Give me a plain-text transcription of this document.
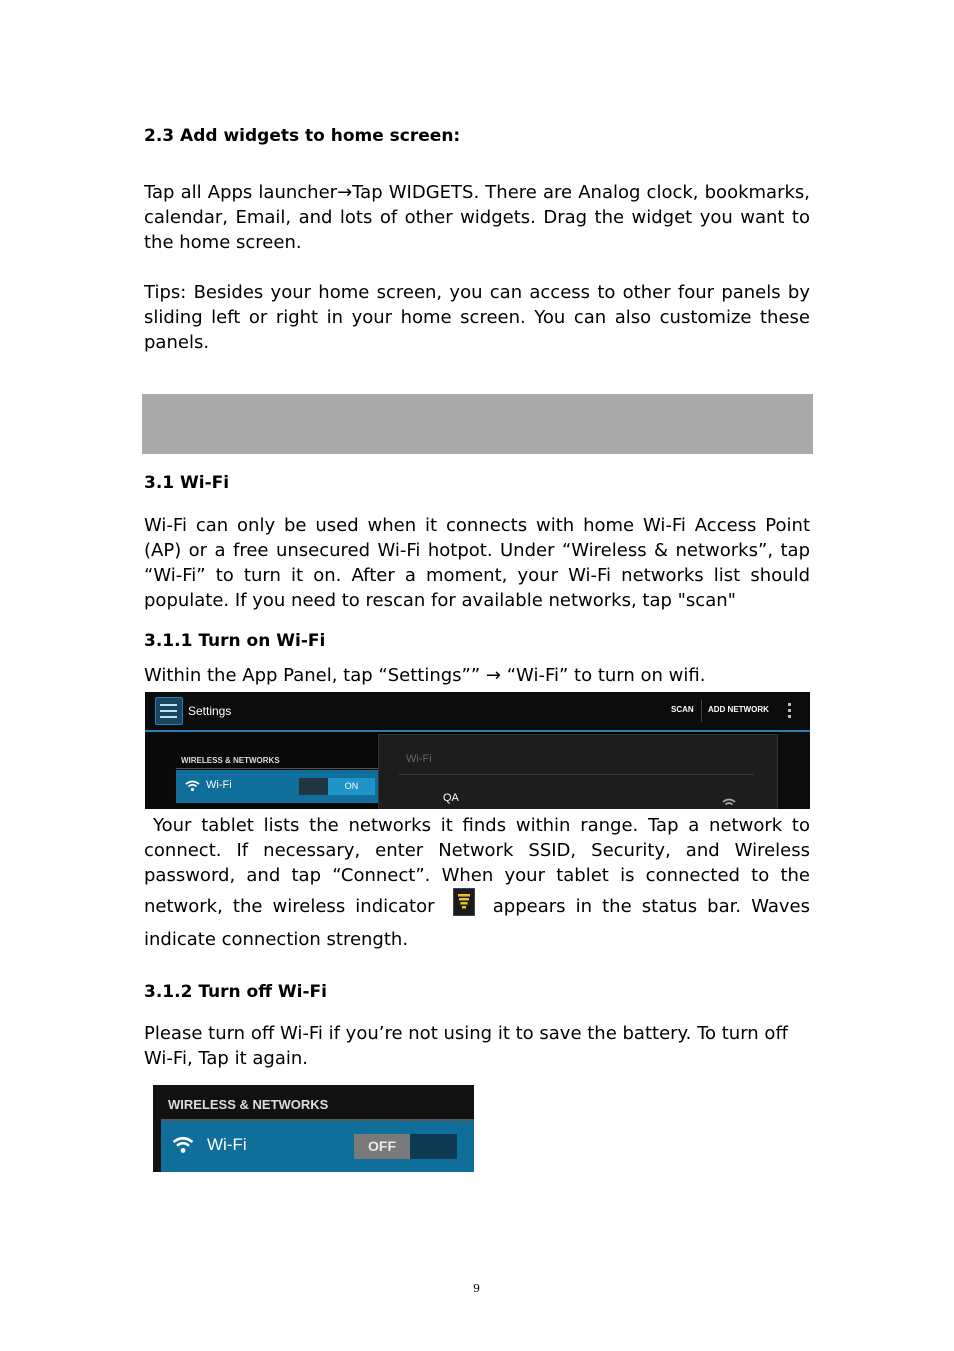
2.3 Add widgets to home screen:
Tap all Apps launcher→Tap WIDGETS. There are Analog clock, bookmarks, calendar, Email, and lots of other widgets. Drag the widget you want to the home screen.
Tips: Besides your home screen, you can access to other four panels by sliding left or right in your home screen. You can also customize these panels.
3.1 Wi-Fi
Wi-Fi can only be used when it connects with home Wi-Fi Access Point (AP) or a free unsecured Wi-Fi hotpot. Under “Wireless & networks”, tap “Wi-Fi” to turn it on. After a moment, your Wi-Fi networks list should populate. If you need to rescan for available networks, tap "scan"
3.1.1 Turn on Wi-Fi
Within the App Panel, tap “Settings”” → “Wi-Fi” to turn on wifi.
Settings	SCAN ADD NETWORK
WIRELESS & NETWORKS
Wi-Fi	ON
Wi-Fi
QA
Your tablet lists the networks it finds within range. Tap a network to connect. If necessary, enter Network SSID, Security, and Wireless password, and tap “Connect”. When your tablet is connected to the network, the wireless indicator	appears in the status bar. Waves indicate connection strength.
3.1.2 Turn off Wi-Fi
Please turn off Wi-Fi if you’re not using it to save the battery. To turn off Wi-Fi, Tap it again.
WIRELESS & NETWORKS
Wi-Fi	OFF
9
